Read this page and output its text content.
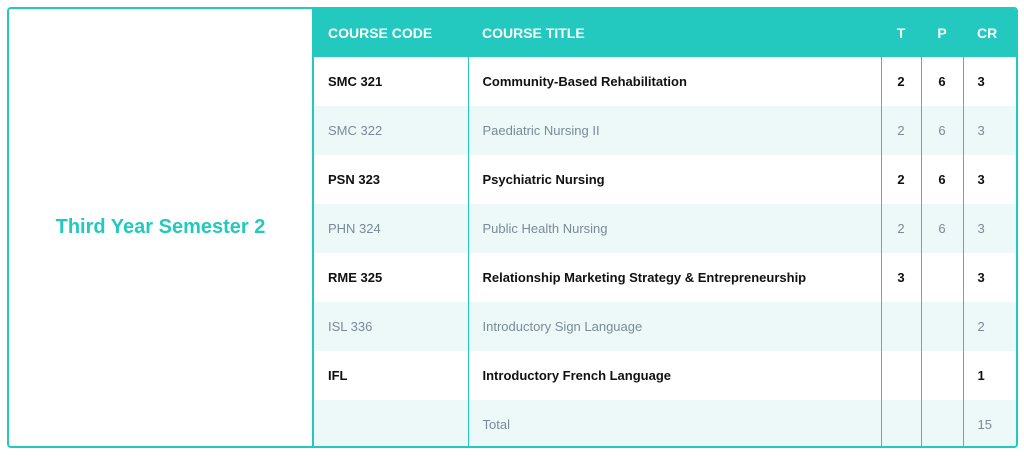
Third Year Semester 2
COURSE CODE	COURSE TITLE	T	P	CR
SMC 321	Community-Based Rehabilitation	2	6	3
SMC 322	Paediatric Nursing II	2	6	3
PSN 323	Psychiatric Nursing	2	6	3
PHN 324	Public Health Nursing	2	6	3
RME 325	Relationship Marketing Strategy & Entrepreneurship	3		3
ISL 336	Introductory Sign Language			2
IFL	Introductory French Language			1
	Total			15
